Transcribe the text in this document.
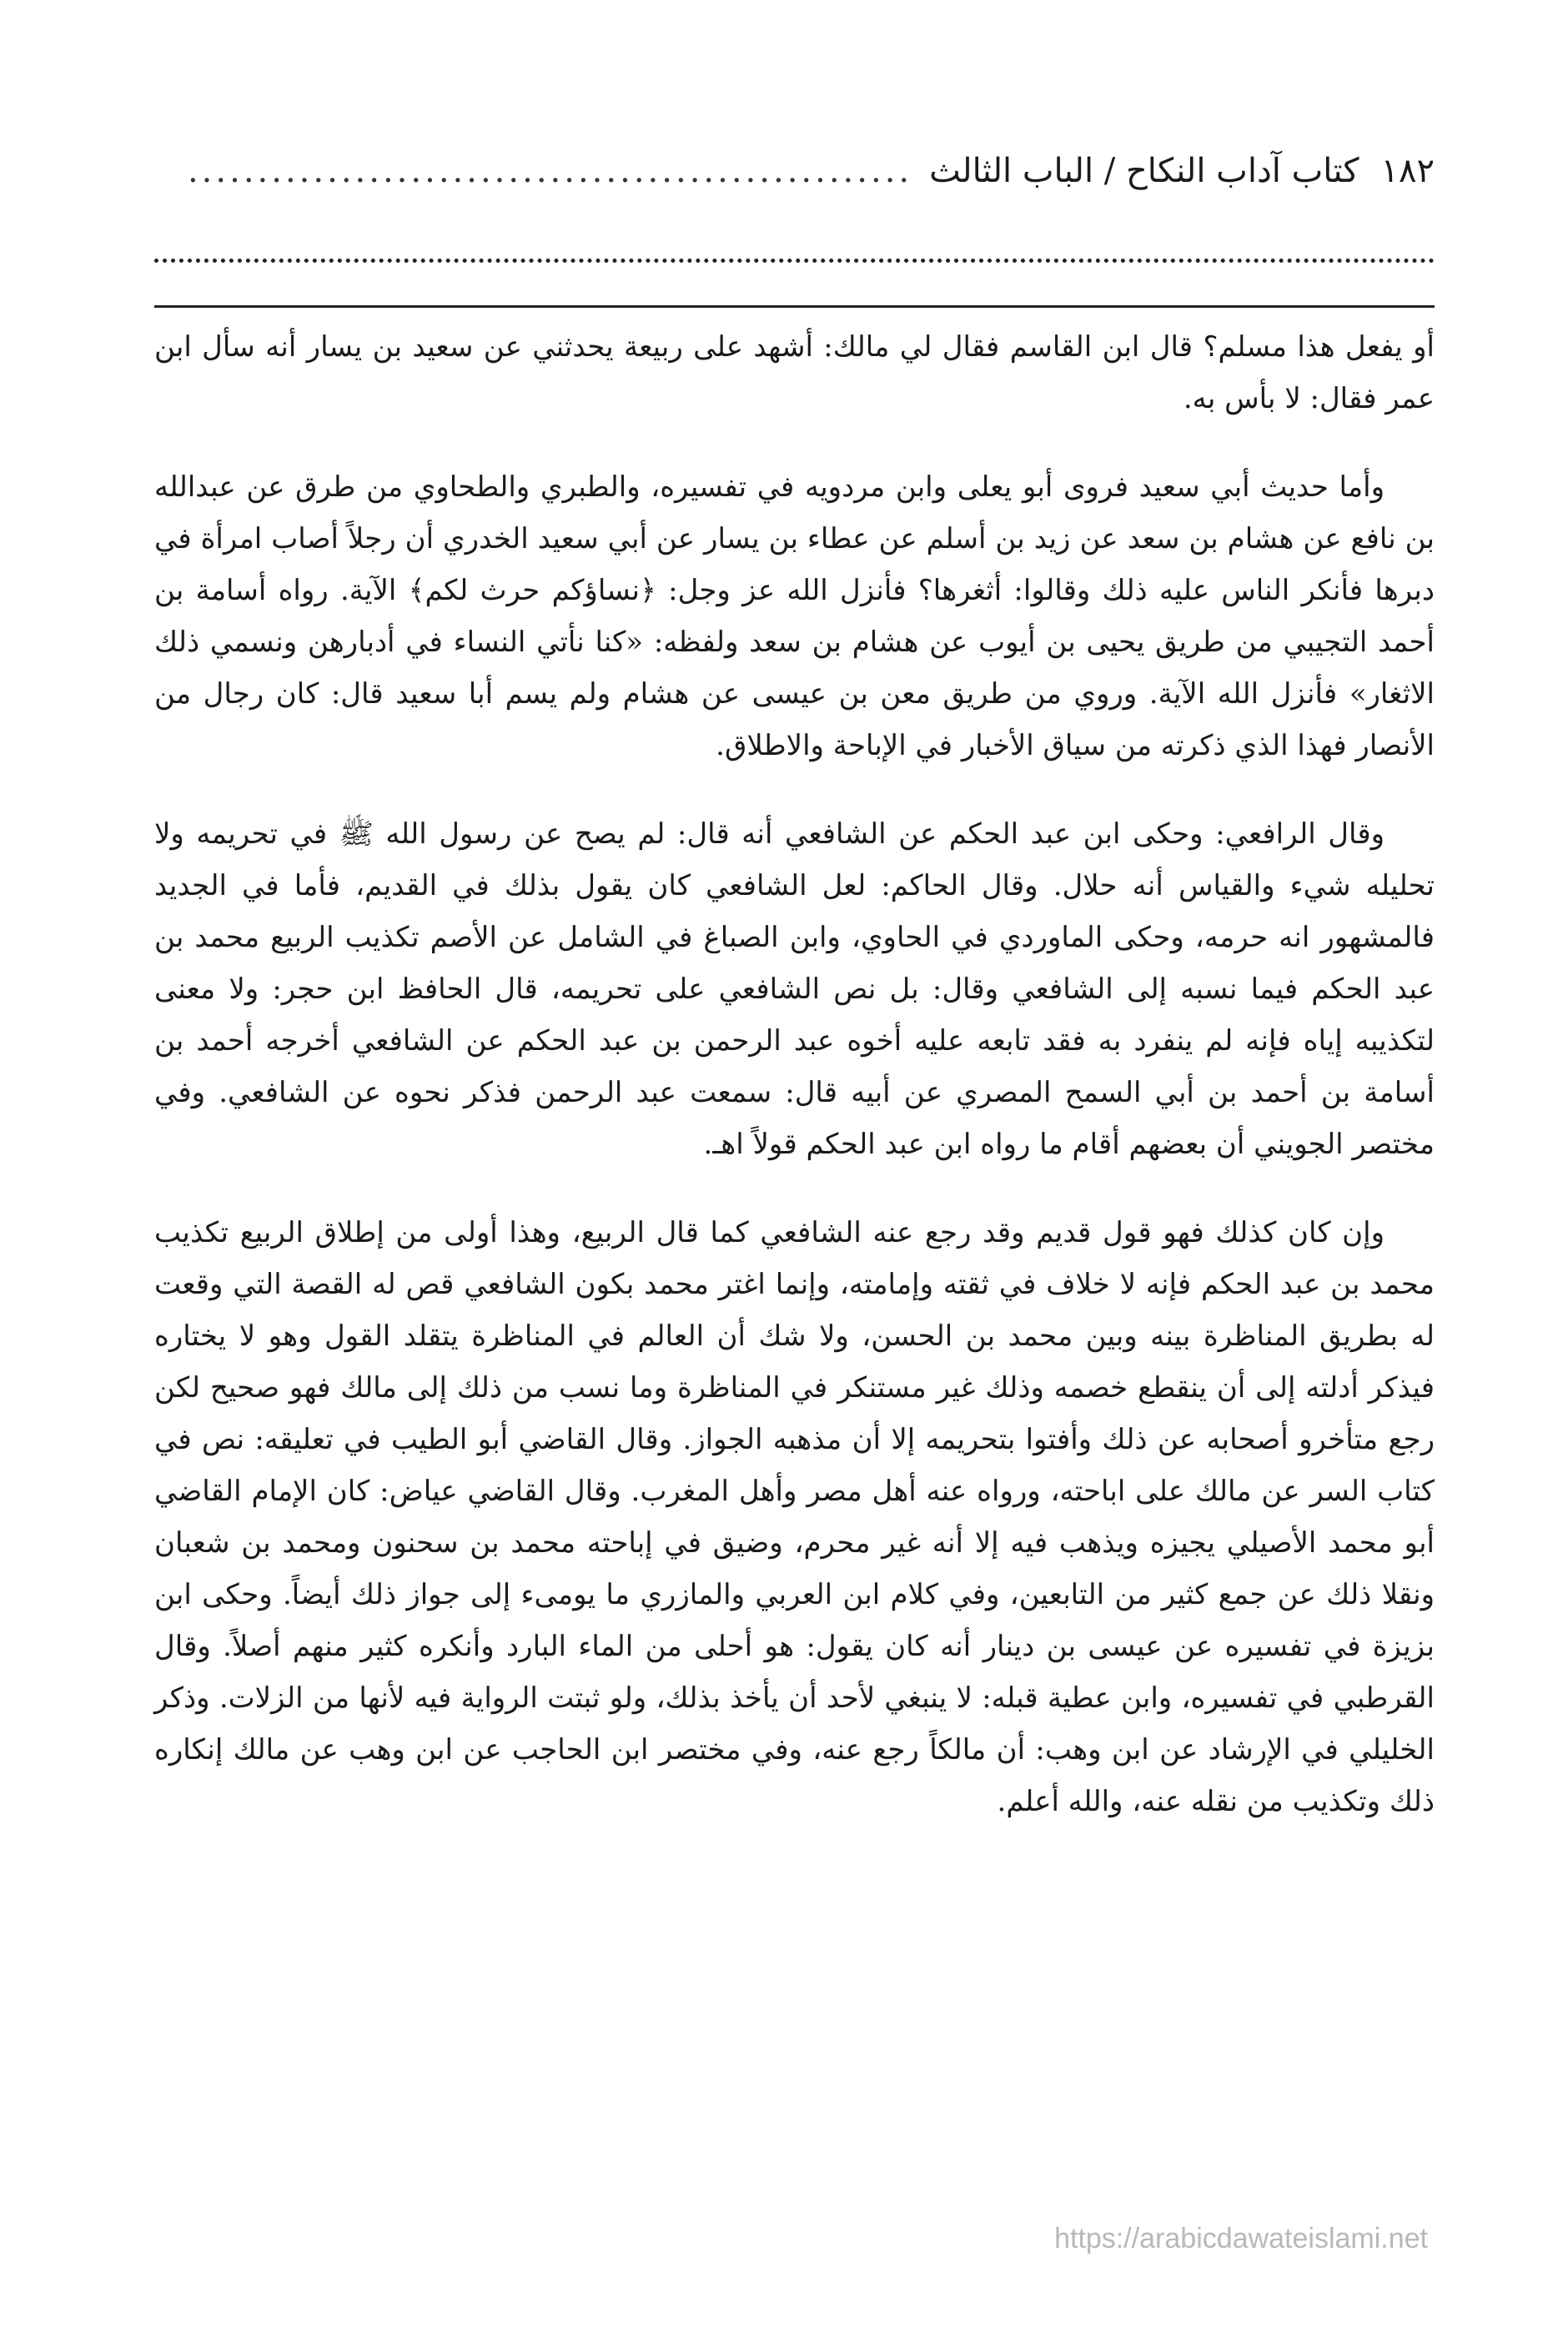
١٨٢
كتاب آداب النكاح / الباب الثالث
....................................................

أو يفعل هذا مسلم؟ قال ابن القاسم فقال لي مالك: أشهد على ربيعة يحدثني عن سعيد بن يسار أنه سأل ابن عمر فقال: لا بأس به.

وأما حديث أبي سعيد فروى أبو يعلى وابن مردويه في تفسيره، والطبري والطحاوي من طرق عن عبدالله بن نافع عن هشام بن سعد عن زيد بن أسلم عن عطاء بن يسار عن أبي سعيد الخدري أن رجلاً أصاب امرأة في دبرها فأنكر الناس عليه ذلك وقالوا: أثغرها؟ فأنزل الله عز وجل: ﴿نساؤكم حرث لكم﴾ الآية. رواه أسامة بن أحمد التجيبي من طريق يحيى بن أيوب عن هشام بن سعد ولفظه: «كنا نأتي النساء في أدبارهن ونسمي ذلك الاثغار» فأنزل الله الآية. وروي من طريق معن بن عيسى عن هشام ولم يسم أبا سعيد قال: كان رجال من الأنصار فهذا الذي ذكرته من سياق الأخبار في الإباحة والاطلاق.

وقال الرافعي: وحكى ابن عبد الحكم عن الشافعي أنه قال: لم يصح عن رسول الله ﷺ في تحريمه ولا تحليله شيء والقياس أنه حلال. وقال الحاكم: لعل الشافعي كان يقول بذلك في القديم، فأما في الجديد فالمشهور انه حرمه، وحكى الماوردي في الحاوي، وابن الصباغ في الشامل عن الأصم تكذيب الربيع محمد بن عبد الحكم فيما نسبه إلى الشافعي وقال: بل نص الشافعي على تحريمه، قال الحافظ ابن حجر: ولا معنى لتكذيبه إياه فإنه لم ينفرد به فقد تابعه عليه أخوه عبد الرحمن بن عبد الحكم عن الشافعي أخرجه أحمد بن أسامة بن أحمد بن أبي السمح المصري عن أبيه قال: سمعت عبد الرحمن فذكر نحوه عن الشافعي. وفي مختصر الجويني أن بعضهم أقام ما رواه ابن عبد الحكم قولاً اهـ.

وإن كان كذلك فهو قول قديم وقد رجع عنه الشافعي كما قال الربيع، وهذا أولى من إطلاق الربيع تكذيب محمد بن عبد الحكم فإنه لا خلاف في ثقته وإمامته، وإنما اغتر محمد بكون الشافعي قص له القصة التي وقعت له بطريق المناظرة بينه وبين محمد بن الحسن، ولا شك أن العالم في المناظرة يتقلد القول وهو لا يختاره فيذكر أدلته إلى أن ينقطع خصمه وذلك غير مستنكر في المناظرة وما نسب من ذلك إلى مالك فهو صحيح لكن رجع متأخرو أصحابه عن ذلك وأفتوا بتحريمه إلا أن مذهبه الجواز. وقال القاضي أبو الطيب في تعليقه: نص في كتاب السر عن مالك على اباحته، ورواه عنه أهل مصر وأهل المغرب. وقال القاضي عياض: كان الإمام القاضي أبو محمد الأصيلي يجيزه ويذهب فيه إلا أنه غير محرم، وضيق في إباحته محمد بن سحنون ومحمد بن شعبان ونقلا ذلك عن جمع كثير من التابعين، وفي كلام ابن العربي والمازري ما يومىء إلى جواز ذلك أيضاً. وحكى ابن بزيزة في تفسيره عن عيسى بن دينار أنه كان يقول: هو أحلى من الماء البارد وأنكره كثير منهم أصلاً. وقال القرطبي في تفسيره، وابن عطية قبله: لا ينبغي لأحد أن يأخذ بذلك، ولو ثبتت الرواية فيه لأنها من الزلات. وذكر الخليلي في الإرشاد عن ابن وهب: أن مالكاً رجع عنه، وفي مختصر ابن الحاجب عن ابن وهب عن مالك إنكاره ذلك وتكذيب من نقله عنه، والله أعلم.

https://arabicdawateislami.net
